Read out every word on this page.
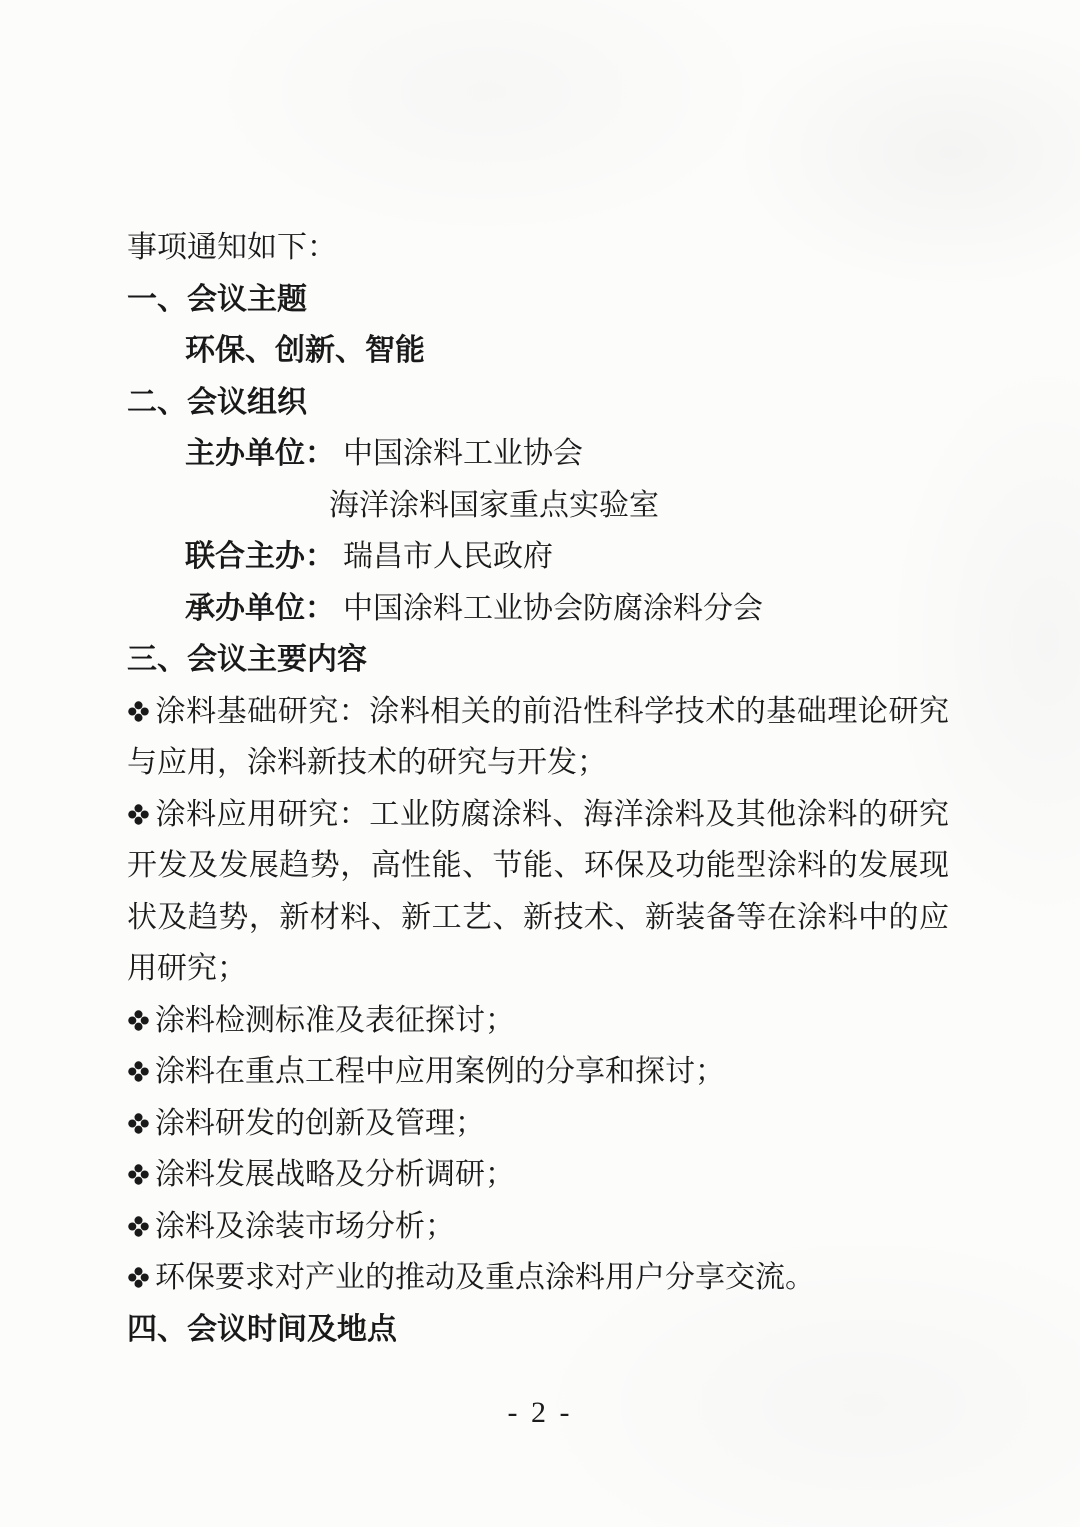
事项通知如下：

一、会议主题

环保、创新、智能

二、会议组织

主办单位： 中国涂料工业协会

海洋涂料国家重点实验室

联合主办： 瑞昌市人民政府

承办单位： 中国涂料工业协会防腐涂料分会

三、会议主要内容

涂料基础研究：涂料相关的前沿性科学技术的基础理论研究与应用，涂料新技术的研究与开发；

涂料应用研究：工业防腐涂料、海洋涂料及其他涂料的研究开发及发展趋势，高性能、节能、环保及功能型涂料的发展现状及趋势，新材料、新工艺、新技术、新装备等在涂料中的应用研究；

涂料检测标准及表征探讨；

涂料在重点工程中应用案例的分享和探讨；

涂料研发的创新及管理；

涂料发展战略及分析调研；

涂料及涂装市场分析；

环保要求对产业的推动及重点涂料用户分享交流。

四、会议时间及地点

- 2 -
